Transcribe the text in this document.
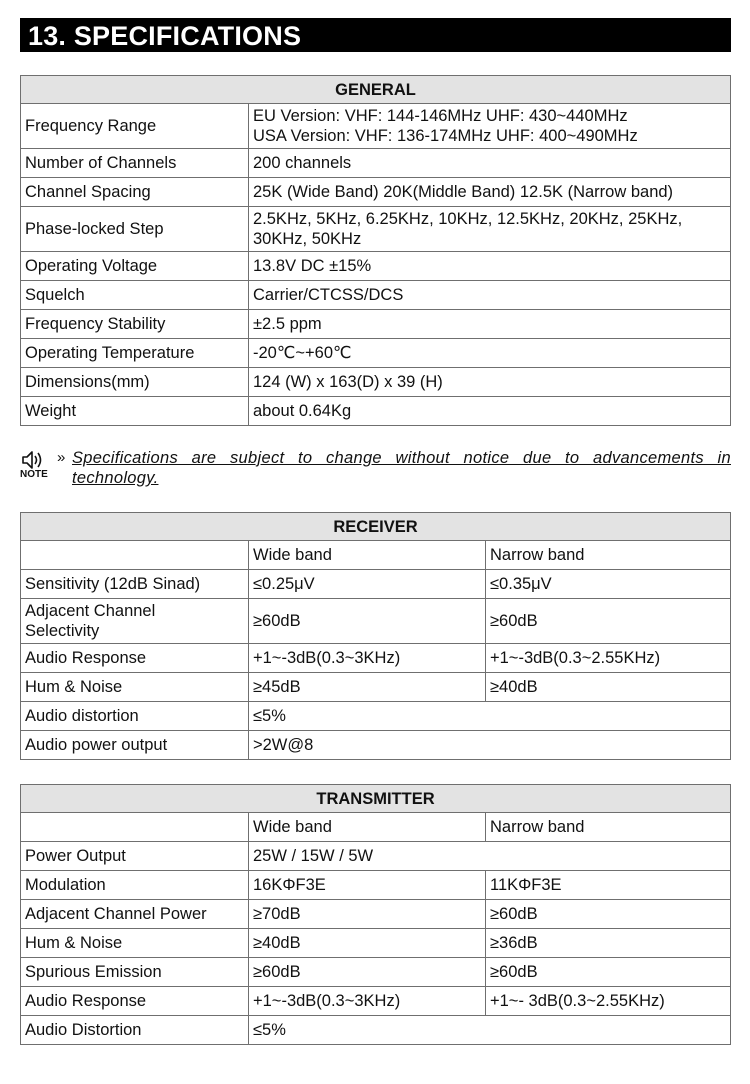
13. SPECIFICATIONS
GENERAL	
Frequency Range	EU Version: VHF: 144-146MHz UHF: 430~440MHz
USA Version: VHF: 136-174MHz UHF: 400~490MHz

Number of Channels	200 channels
Channel Spacing	25K (Wide Band) 20K(Middle Band) 12.5K (Narrow band)
Phase-locked Step	2.5KHz, 5KHz, 6.25KHz, 10KHz, 12.5KHz, 20KHz, 25KHz,
30KHz, 50KHz

Operating Voltage	13.8V DC ±15%
Squelch	Carrier/CTCSS/DCS
Frequency Stability	±2.5 ppm
Operating Temperature	-20℃~+60℃
Dimensions(mm)	124 (W) x 163(D) x 39 (H)
Weight	about 0.64Kg
NOTE
» Specifications are subject to change without notice due to advancements in technology.
RECEIVER		
	Wide band	Narrow band
Sensitivity (12dB Sinad)	≤0.25μV	≤0.35μV

Adjacent Channel
Selectivity	≥60dB	≥60dB
Audio Response	+1~-3dB(0.3~3KHz)	+1~-3dB(0.3~2.55KHz)
Hum & Noise	≥45dB	≥40dB
Audio distortion	≤5%	
Audio power output	>2W@8	
TRANSMITTER		
	Wide band	Narrow band
Power Output	25W / 15W / 5W	
Modulation	16KΦF3E	11KΦF3E
Adjacent Channel Power	≥70dB	≥60dB
Hum & Noise	≥40dB	≥36dB
Spurious Emission	≥60dB	≥60dB
Audio Response	+1~-3dB(0.3~3KHz)	+1~- 3dB(0.3~2.55KHz)
Audio Distortion	≤5%	
